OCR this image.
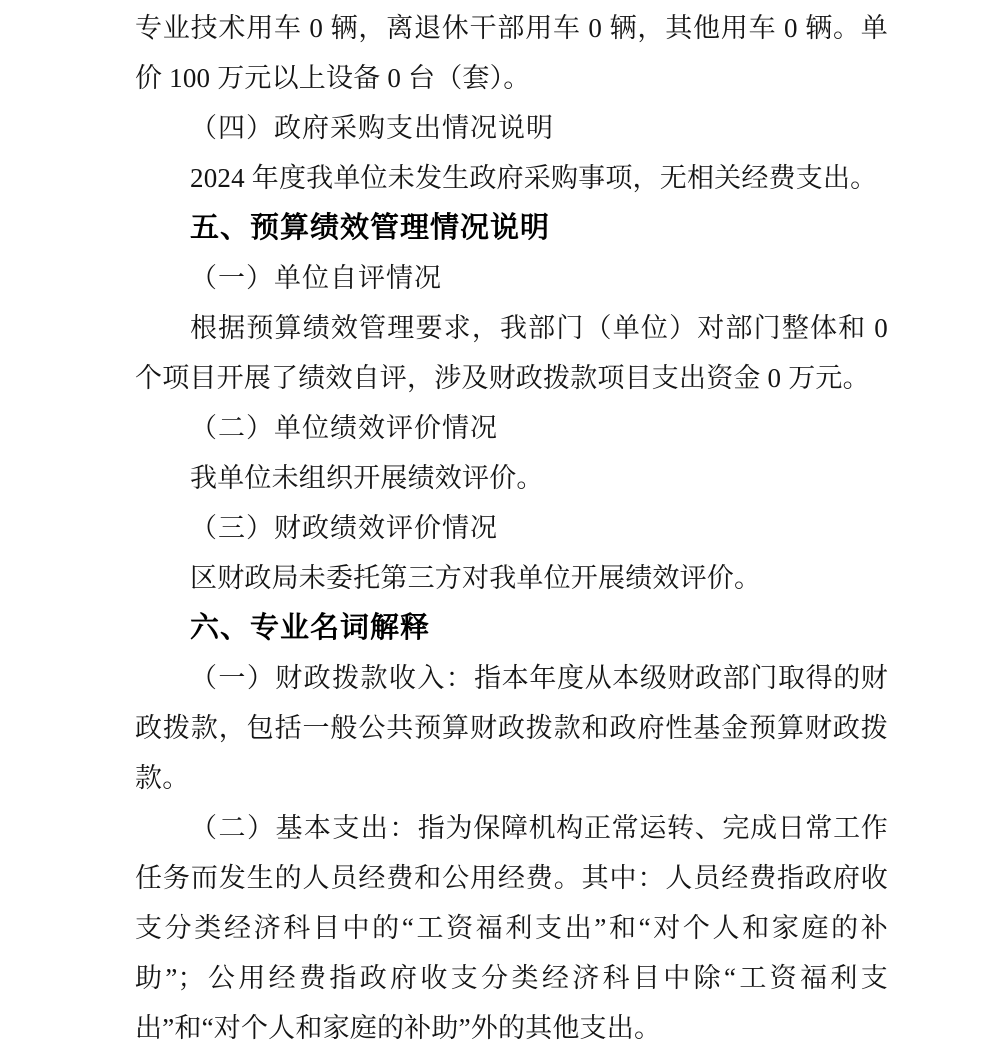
专业技术用车 0 辆，离退休干部用车 0 辆，其他用车 0 辆。单价 100 万元以上设备 0 台（套）。

（四）政府采购支出情况说明

2024 年度我单位未发生政府采购事项，无相关经费支出。

五、预算绩效管理情况说明

（一）单位自评情况

根据预算绩效管理要求，我部门（单位）对部门整体和 0 个项目开展了绩效自评，涉及财政拨款项目支出资金 0 万元。

（二）单位绩效评价情况

我单位未组织开展绩效评价。

（三）财政绩效评价情况

区财政局未委托第三方对我单位开展绩效评价。

六、专业名词解释

（一）财政拨款收入：指本年度从本级财政部门取得的财政拨款，包括一般公共预算财政拨款和政府性基金预算财政拨款。

（二）基本支出：指为保障机构正常运转、完成日常工作任务而发生的人员经费和公用经费。其中：人员经费指政府收支分类经济科目中的“工资福利支出”和“对个人和家庭的补助”；公用经费指政府收支分类经济科目中除“工资福利支出”和“对个人和家庭的补助”外的其他支出。
